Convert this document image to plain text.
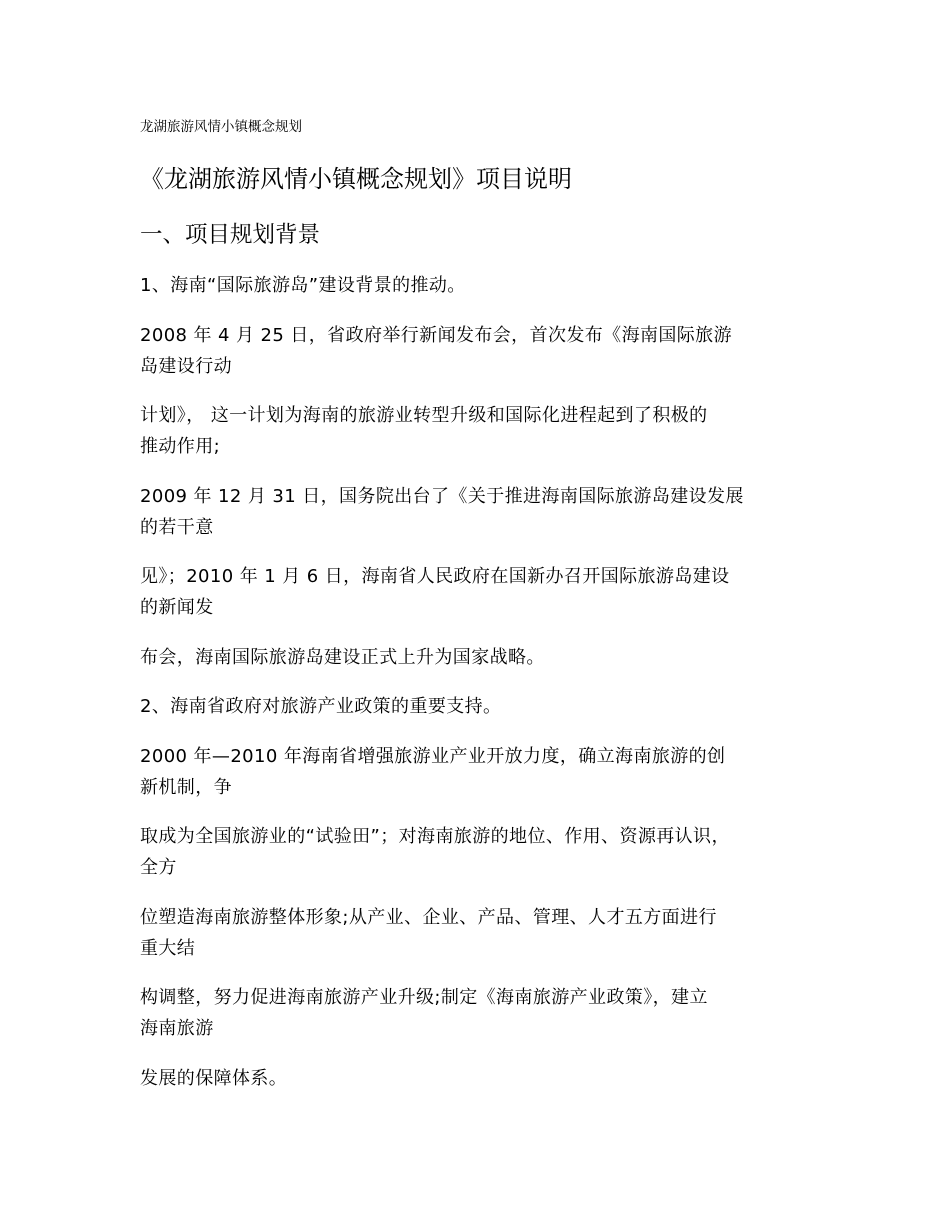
龙湖旅游风情小镇概念规划
《龙湖旅游风情小镇概念规划》项目说明
一、项目规划背景
1、海南“国际旅游岛”建设背景的推动。
2008 年 4 月 25 日，省政府举行新闻发布会，首次发布《海南国际旅游
岛建设行动
计划》， 这一计划为海南的旅游业转型升级和国际化进程起到了积极的
推动作用;
2009 年 12 月 31 日，国务院出台了《关于推进海南国际旅游岛建设发展
的若干意
见》；2010 年 1 月 6 日，海南省人民政府在国新办召开国际旅游岛建设
的新闻发
布会，海南国际旅游岛建设正式上升为国家战略。
2、海南省政府对旅游产业政策的重要支持。
2000 年—2010 年海南省增强旅游业产业开放力度，确立海南旅游的创
新机制，争
取成为全国旅游业的“试验田”；对海南旅游的地位、作用、资源再认识，
全方
位塑造海南旅游整体形象;从产业、企业、产品、管理、人才五方面进行
重大结
构调整，努力促进海南旅游产业升级;制定《海南旅游产业政策》，建立
海南旅游
发展的保障体系。
